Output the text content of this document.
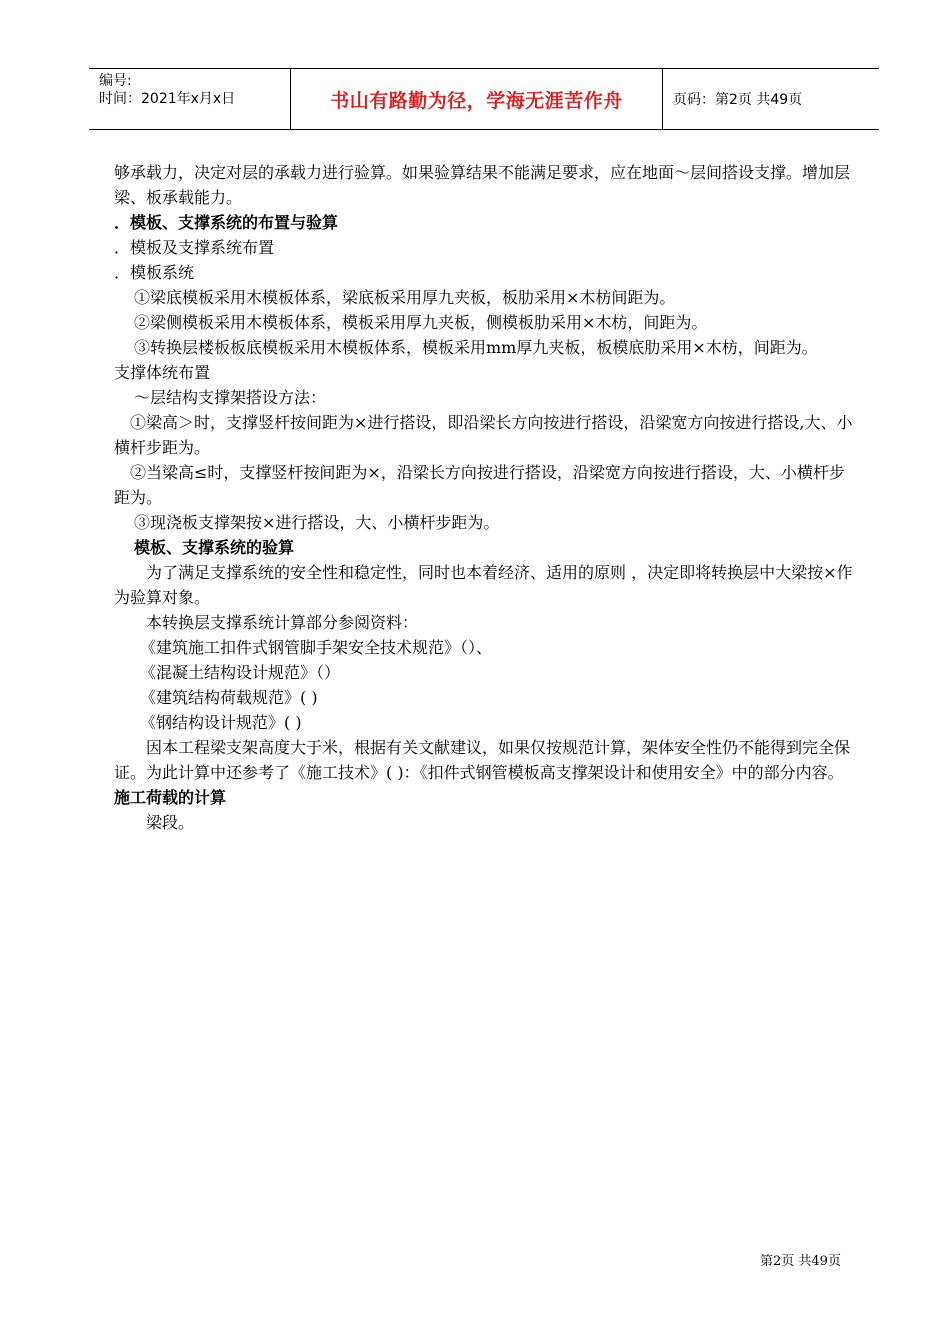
编号:
时间：2021年x月x日	书山有路勤为径，学海无涯苦作舟	页码：第2页 共49页

够承载力，决定对层的承载力进行验算。如果验算结果不能满足要求，应在地面～层间搭设支撑。增加层梁、板承载能力。

．模板、支撑系统的布置与验算

．模板及支撑系统布置

．模板系统

①梁底模板采用木模板体系，梁底板采用厚九夹板，板肋采用×木枋间距为。

②梁侧模板采用木模板体系，模板采用厚九夹板，侧模板肋采用×木枋，间距为。

③转换层楼板板底模板采用木模板体系，模板采用mm厚九夹板，板模底肋采用×木枋，间距为。

支撑体统布置

～层结构支撑架搭设方法：

①梁高＞时，支撑竖杆按间距为×进行搭设，即沿梁长方向按进行搭设，沿梁宽方向按进行搭设,大、小横杆步距为。

②当梁高≤时，支撑竖杆按间距为×，沿梁长方向按进行搭设，沿梁宽方向按进行搭设，大、小横杆步距为。

③现浇板支撑架按×进行搭设，大、小横杆步距为。

模板、支撑系统的验算

为了满足支撑系统的安全性和稳定性，同时也本着经济、适用的原则 ，决定即将转换层中大梁按×作为验算对象。

本转换层支撑系统计算部分参阅资料：

《建筑施工扣件式钢管脚手架安全技术规范》（）、

《混凝土结构设计规范》（）

《建筑结构荷载规范》( )

《钢结构设计规范》( )

因本工程梁支架高度大于米，根据有关文献建议，如果仅按规范计算，架体安全性仍不能得到完全保证。为此计算中还参考了《施工技术》( )：《扣件式钢管模板高支撑架设计和使用安全》中的部分内容。

施工荷载的计算

梁段。

第2页 共49页
